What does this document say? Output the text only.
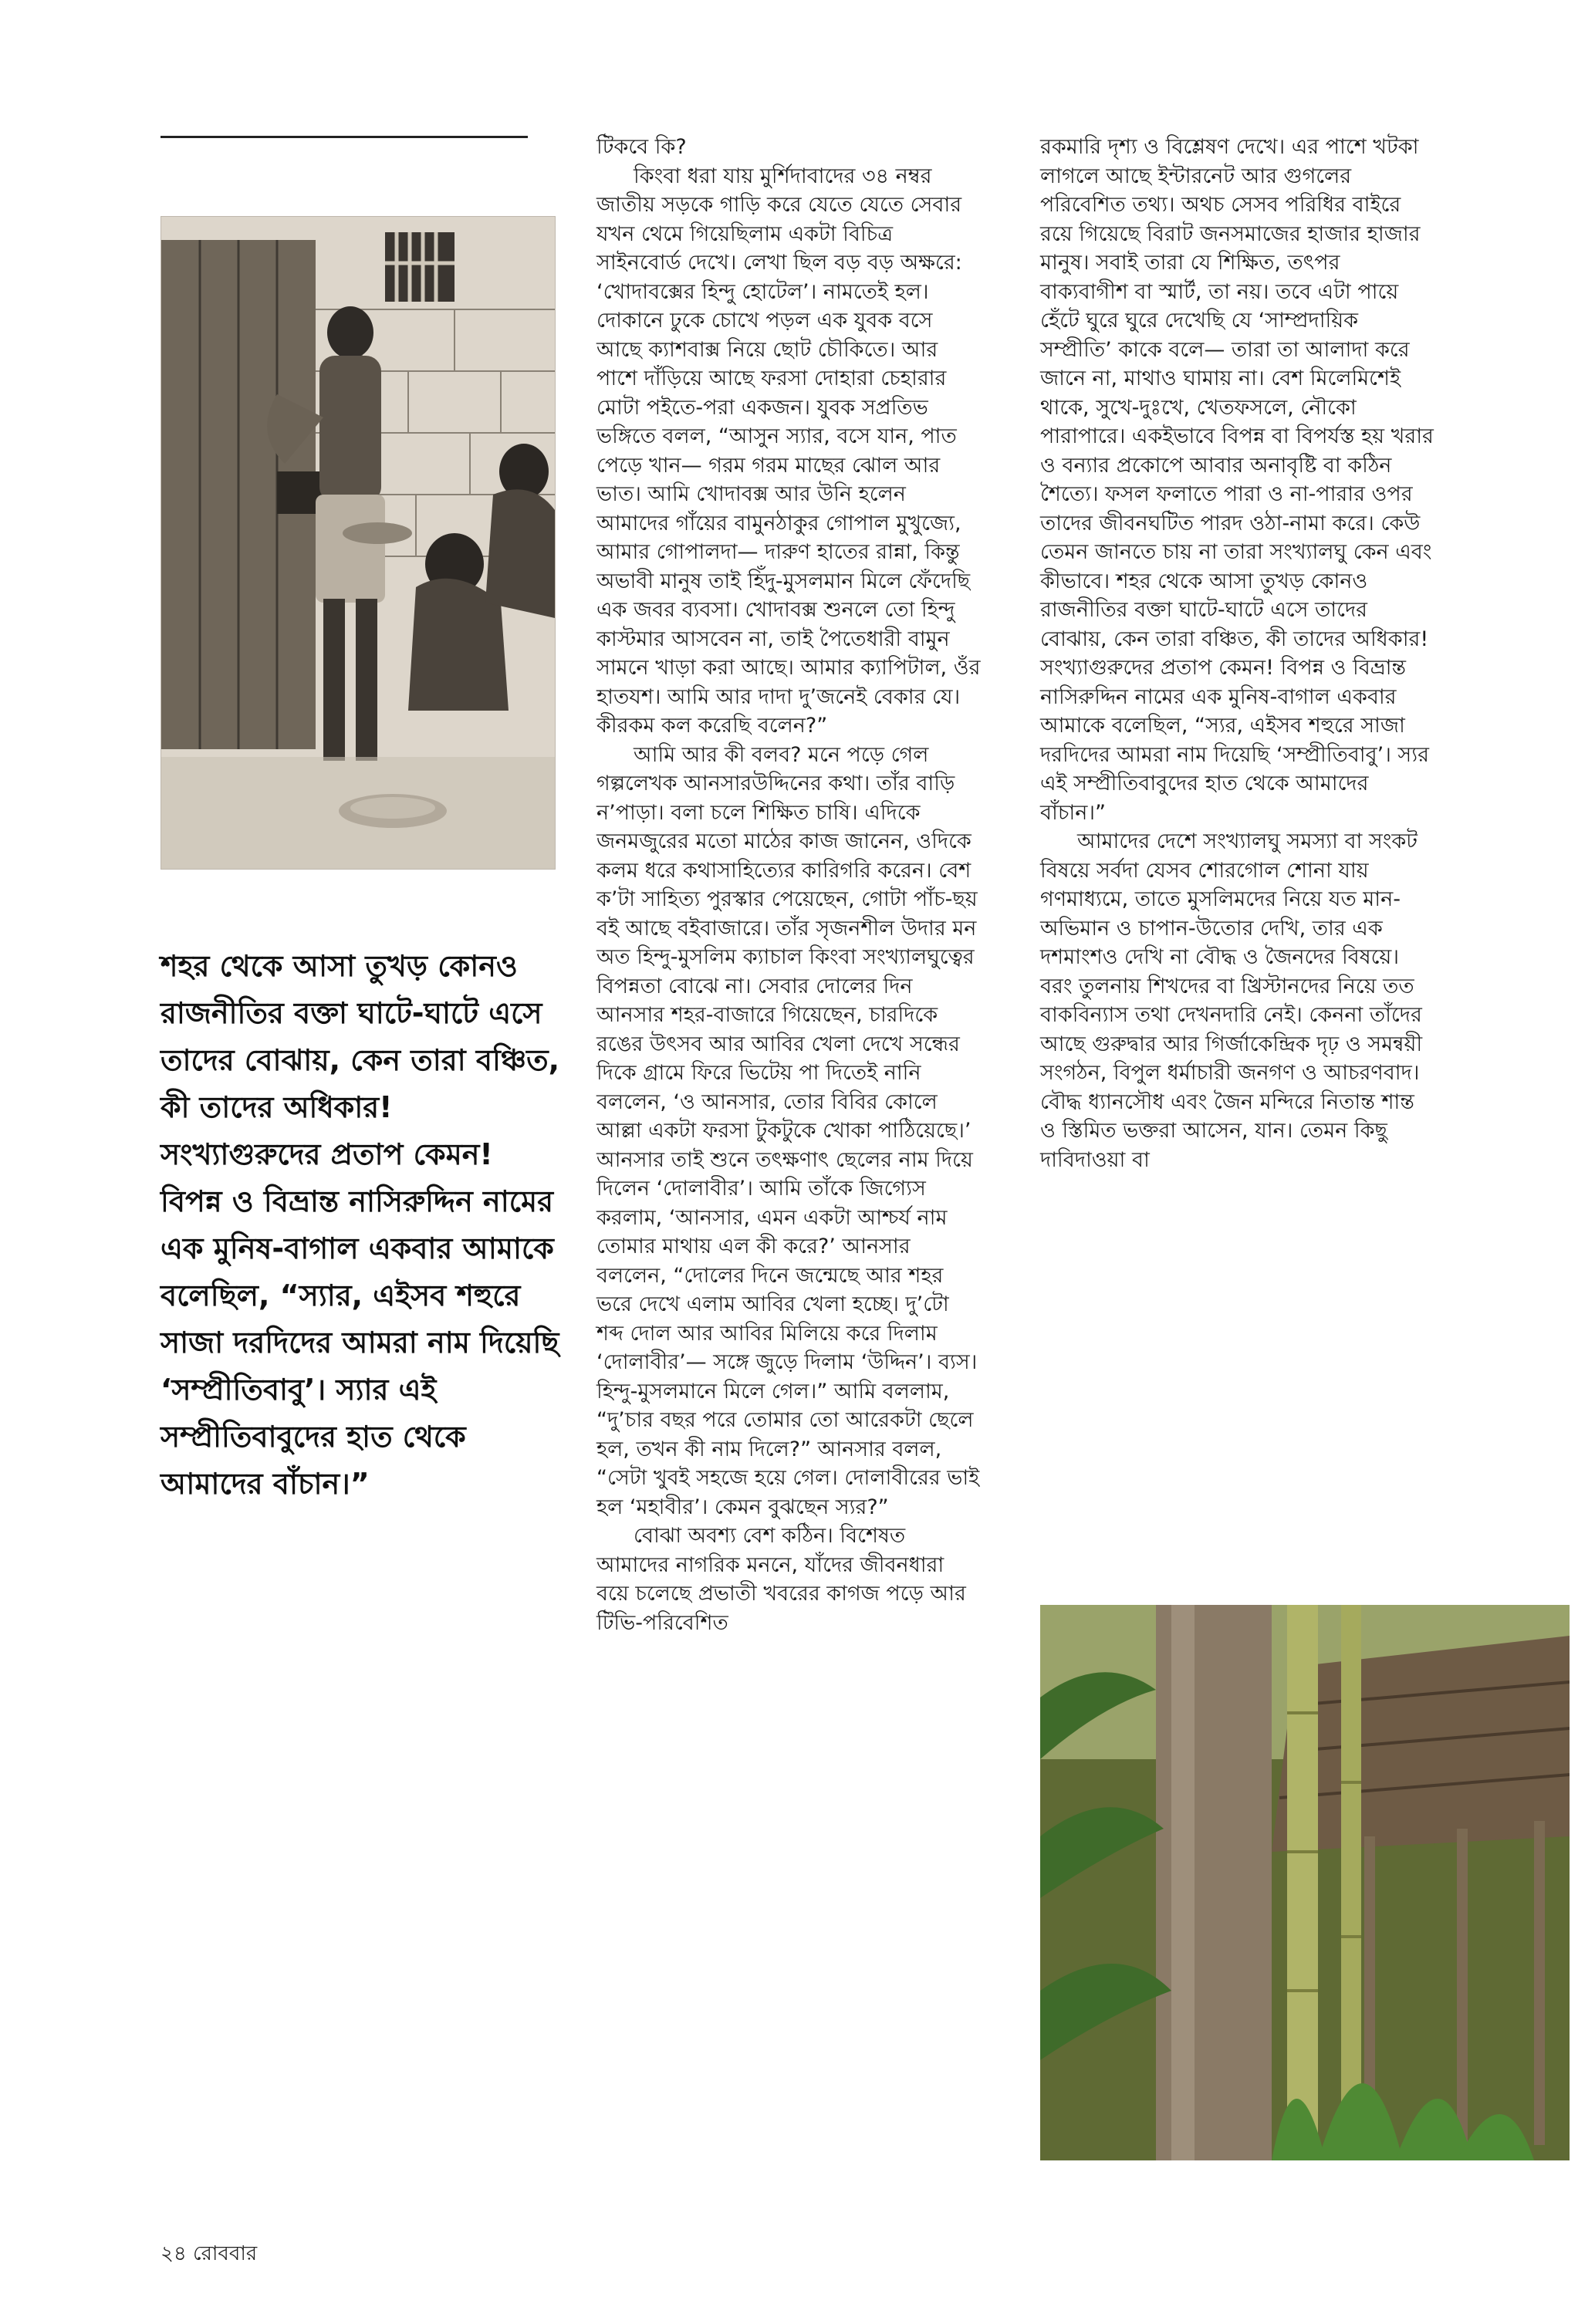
শহর থেকে আসা তুখড় কোনও রাজনীতির বক্তা ঘাটে-ঘাটে এসে তাদের বোঝায়, কেন তারা বঞ্চিত, কী তাদের অধিকার! সংখ্যাগুরুদের প্রতাপ কেমন! বিপন্ন ও বিভ্রান্ত নাসিরুদ্দিন নামের এক মুনিষ-বাগাল একবার আমাকে বলেছিল, “স্যার, এইসব শহুরে সাজা দরদিদের আমরা নাম দিয়েছি ‘সম্প্রীতিবাবু’। স্যার এই সম্প্রীতিবাবুদের হাত থেকে আমাদের বাঁচান।”

টিকবে কি?

কিংবা ধরা যায় মুর্শিদাবাদের ৩৪ নম্বর জাতীয় সড়কে গাড়ি করে যেতে যেতে সেবার যখন থেমে গিয়েছিলাম একটা বিচিত্র সাইনবোর্ড দেখে। লেখা ছিল বড় বড় অক্ষরে: ‘খোদাবক্সের হিন্দু হোটেল’। নামতেই হল। দোকানে ঢুকে চোখে পড়ল এক যুবক বসে আছে ক্যাশবাক্স নিয়ে ছোট চৌকিতে। আর পাশে দাঁড়িয়ে আছে ফরসা দোহারা চেহারার মোটা পইতে-পরা একজন। যুবক সপ্রতিভ ভঙ্গিতে বলল, “আসুন স্যার, বসে যান, পাত পেড়ে খান— গরম গরম মাছের ঝোল আর ভাত। আমি খোদাবক্স আর উনি হলেন আমাদের গাঁয়ের বামুনঠাকুর গোপাল মুখুজ্যে, আমার গোপালদা— দারুণ হাতের রান্না, কিন্তু অভাবী মানুষ তাই হিঁদু-মুসলমান মিলে ফেঁদেছি এক জবর ব্যবসা। খোদাবক্স শুনলে তো হিন্দু কাস্টমার আসবেন না, তাই পৈতেধারী বামুন সামনে খাড়া করা আছে। আমার ক্যাপিটাল, ওঁর হাতযশ। আমি আর দাদা দু’জনেই বেকার যে। কীরকম কল করেছি বলেন?”

আমি আর কী বলব? মনে পড়ে গেল গল্পলেখক আনসারউদ্দিনের কথা। তাঁর বাড়ি ন’পাড়া। বলা চলে শিক্ষিত চাষি। এদিকে জনমজুরের মতো মাঠের কাজ জানেন, ওদিকে কলম ধরে কথাসাহিত্যের কারিগরি করেন। বেশ ক’টা সাহিত্য পুরস্কার পেয়েছেন, গোটা পাঁচ-ছয় বই আছে বইবাজারে। তাঁর সৃজনশীল উদার মন অত হিন্দু-মুসলিম ক্যাচাল কিংবা সংখ্যালঘুত্বের বিপন্নতা বোঝে না। সেবার দোলের দিন আনসার শহর-বাজারে গিয়েছেন, চারদিকে রঙের উৎসব আর আবির খেলা দেখে সন্ধের দিকে গ্রামে ফিরে ভিটেয় পা দিতেই নানি বললেন, ‘ও আনসার, তোর বিবির কোলে আল্লা একটা ফরসা টুকটুকে খোকা পাঠিয়েছে।’ আনসার তাই শুনে তৎক্ষণাৎ ছেলের নাম দিয়ে দিলেন ‘দোলাবীর’। আমি তাঁকে জিগ্যেস করলাম, ‘আনসার, এমন একটা আশ্চর্য নাম তোমার মাথায় এল কী করে?’ আনসার বললেন, “দোলের দিনে জন্মেছে আর শহর ভরে দেখে এলাম আবির খেলা হচ্ছে। দু’টো শব্দ দোল আর আবির মিলিয়ে করে দিলাম ‘দোলাবীর’— সঙ্গে জুড়ে দিলাম ‘উদ্দিন’। ব্যস। হিন্দু-মুসলমানে মিলে গেল।” আমি বললাম, “দু’চার বছর পরে তোমার তো আরেকটা ছেলে হল, তখন কী নাম দিলে?” আনসার বলল, “সেটা খুবই সহজে হয়ে গেল। দোলাবীরের ভাই হল ‘মহাবীর’। কেমন বুঝছেন স্যর?”

বোঝা অবশ্য বেশ কঠিন। বিশেষত আমাদের নাগরিক মননে, যাঁদের জীবনধারা বয়ে চলেছে প্রভাতী খবরের কাগজ পড়ে আর টিভি-পরিবেশিত

রকমারি দৃশ্য ও বিশ্লেষণ দেখে। এর পাশে খটকা লাগলে আছে ইন্টারনেট আর গুগলের পরিবেশিত তথ্য। অথচ সেসব পরিধির বাইরে রয়ে গিয়েছে বিরাট জনসমাজের হাজার হাজার মানুষ। সবাই তারা যে শিক্ষিত, তৎপর বাক্যবাগীশ বা স্মার্ট, তা নয়। তবে এটা পায়ে হেঁটে ঘুরে ঘুরে দেখেছি যে ‘সাম্প্রদায়িক সম্প্রীতি’ কাকে বলে— তারা তা আলাদা করে জানে না, মাথাও ঘামায় না। বেশ মিলেমিশেই থাকে, সুখে-দুঃখে, খেতফসলে, নৌকো পারাপারে। একইভাবে বিপন্ন বা বিপর্যস্ত হয় খরার ও বন্যার প্রকোপে আবার অনাবৃষ্টি বা কঠিন শৈত্যে। ফসল ফলাতে পারা ও না-পারার ওপর তাদের জীবনঘটিত পারদ ওঠা-নামা করে। কেউ তেমন জানতে চায় না তারা সংখ্যালঘু কেন এবং কীভাবে। শহর থেকে আসা তুখড় কোনও রাজনীতির বক্তা ঘাটে-ঘাটে এসে তাদের বোঝায়, কেন তারা বঞ্চিত, কী তাদের অধিকার! সংখ্যাগুরুদের প্রতাপ কেমন! বিপন্ন ও বিভ্রান্ত নাসিরুদ্দিন নামের এক মুনিষ-বাগাল একবার আমাকে বলেছিল, “স্যর, এইসব শহুরে সাজা দরদিদের আমরা নাম দিয়েছি ‘সম্প্রীতিবাবু’। স্যর এই সম্প্রীতিবাবুদের হাত থেকে আমাদের বাঁচান।”

আমাদের দেশে সংখ্যালঘু সমস্যা বা সংকট বিষয়ে সর্বদা যেসব শোরগোল শোনা যায় গণমাধ্যমে, তাতে মুসলিমদের নিয়ে যত মান-অভিমান ও চাপান-উতোর দেখি, তার এক দশমাংশও দেখি না বৌদ্ধ ও জৈনদের বিষয়ে। বরং তুলনায় শিখদের বা খ্রিস্টানদের নিয়ে তত বাকবিন্যাস তথা দেখনদারি নেই। কেননা তাঁদের আছে গুরুদ্বার আর গির্জাকেন্দ্রিক দৃঢ় ও সমন্বয়ী সংগঠন, বিপুল ধর্মাচারী জনগণ ও আচরণবাদ। বৌদ্ধ ধ্যানসৌধ এবং জৈন মন্দিরে নিতান্ত শান্ত ও স্তিমিত ভক্তরা আসেন, যান। তেমন কিছু দাবিদাওয়া বা

২৪ রোববার
